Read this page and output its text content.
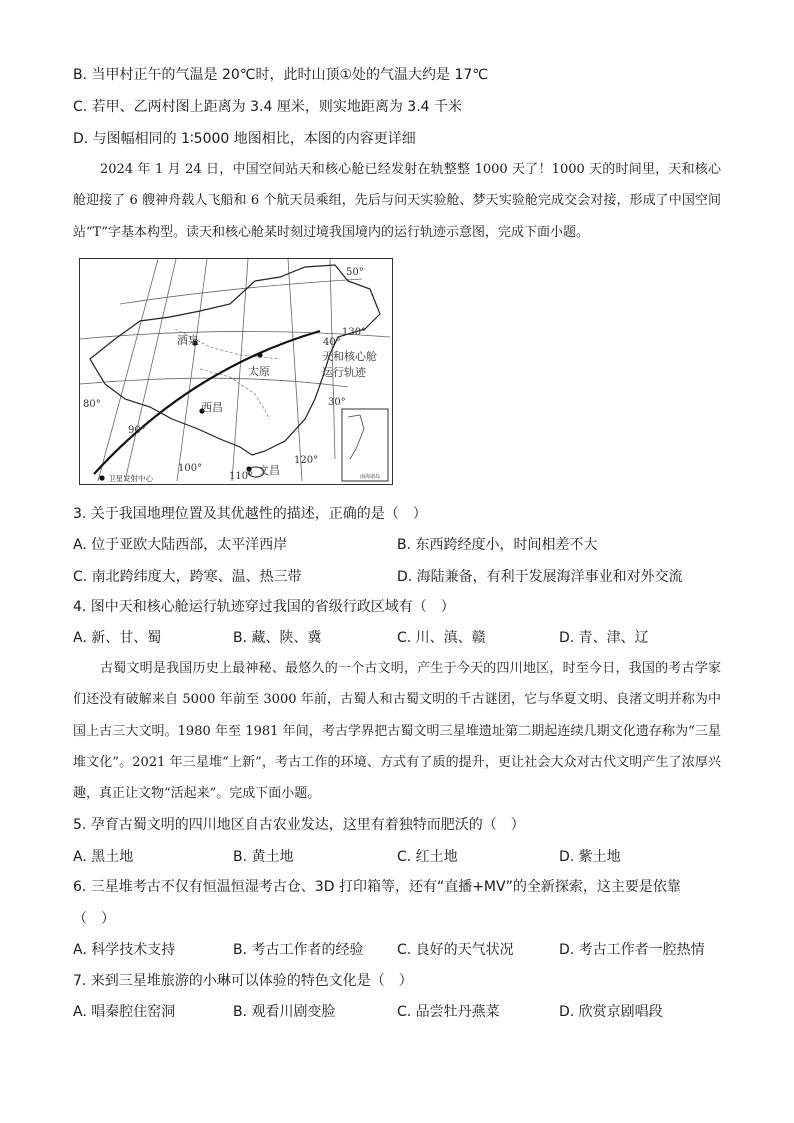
B. 当甲村正午的气温是 20℃时，此时山顶①处的气温大约是 17℃
C. 若甲、乙两村图上距离为 3.4 厘米，则实地距离为 3.4 千米
D. 与图幅相同的 1∶5000 地图相比，本图的内容更详细
2024 年 1 月 24 日，中国空间站天和核心舱已经发射在轨整整 1000 天了！1000 天的时间里，天和核心舱迎接了 6 艘神舟载人飞船和 6 个航天员乘组，先后与问天实验舱、梦天实验舱完成交会对接，形成了中国空间站“T”字基本构型。读天和核心舱某时刻过境我国境内的运行轨迹示意图，完成下面小题。
酒泉
太原
西昌
文昌
80°
90°
100°
110°
120°
130°
50°
40°
30°
天和核心舱
运行轨迹
卫星发射中心	南海诸岛
3. 关于我国地理位置及其优越性的描述，正确的是（　）
A. 位于亚欧大陆西部，太平洋西岸	B. 东西跨经度小，时间相差不大
C. 南北跨纬度大，跨寒、温、热三带	D. 海陆兼备，有利于发展海洋事业和对外交流
4. 图中天和核心舱运行轨迹穿过我国的省级行政区域有（　）
A. 新、甘、蜀	B. 藏、陕、冀	C. 川、滇、赣	D. 青、津、辽
古蜀文明是我国历史上最神秘、最悠久的一个古文明，产生于今天的四川地区，时至今日，我国的考古学家们还没有破解来自 5000 年前至 3000 年前，古蜀人和古蜀文明的千古谜团，它与华夏文明、良渚文明并称为中国上古三大文明。1980 年至 1981 年间，考古学界把古蜀文明三星堆遗址第二期起连续几期文化遗存称为“三星堆文化”。2021 年三星堆“上新”，考古工作的环境、方式有了质的提升，更让社会大众对古代文明产生了浓厚兴趣，真正让文物“活起来”。完成下面小题。
5. 孕育古蜀文明的四川地区自古农业发达，这里有着独特而肥沃的（　）
A. 黑土地	B. 黄土地	C. 红土地	D. 紫土地
6. 三星堆考古不仅有恒温恒湿考古仓、3D 打印箱等，还有“直播+MV”的全新探索，这主要是依靠
（　）
A. 科学技术支持	B. 考古工作者的经验 C. 良好的天气状况	D. 考古工作者一腔热情
7. 来到三星堆旅游的小琳可以体验的特色文化是（　）
A. 唱秦腔住窑洞	B. 观看川剧变脸	C. 品尝牡丹燕菜	D. 欣赏京剧唱段
